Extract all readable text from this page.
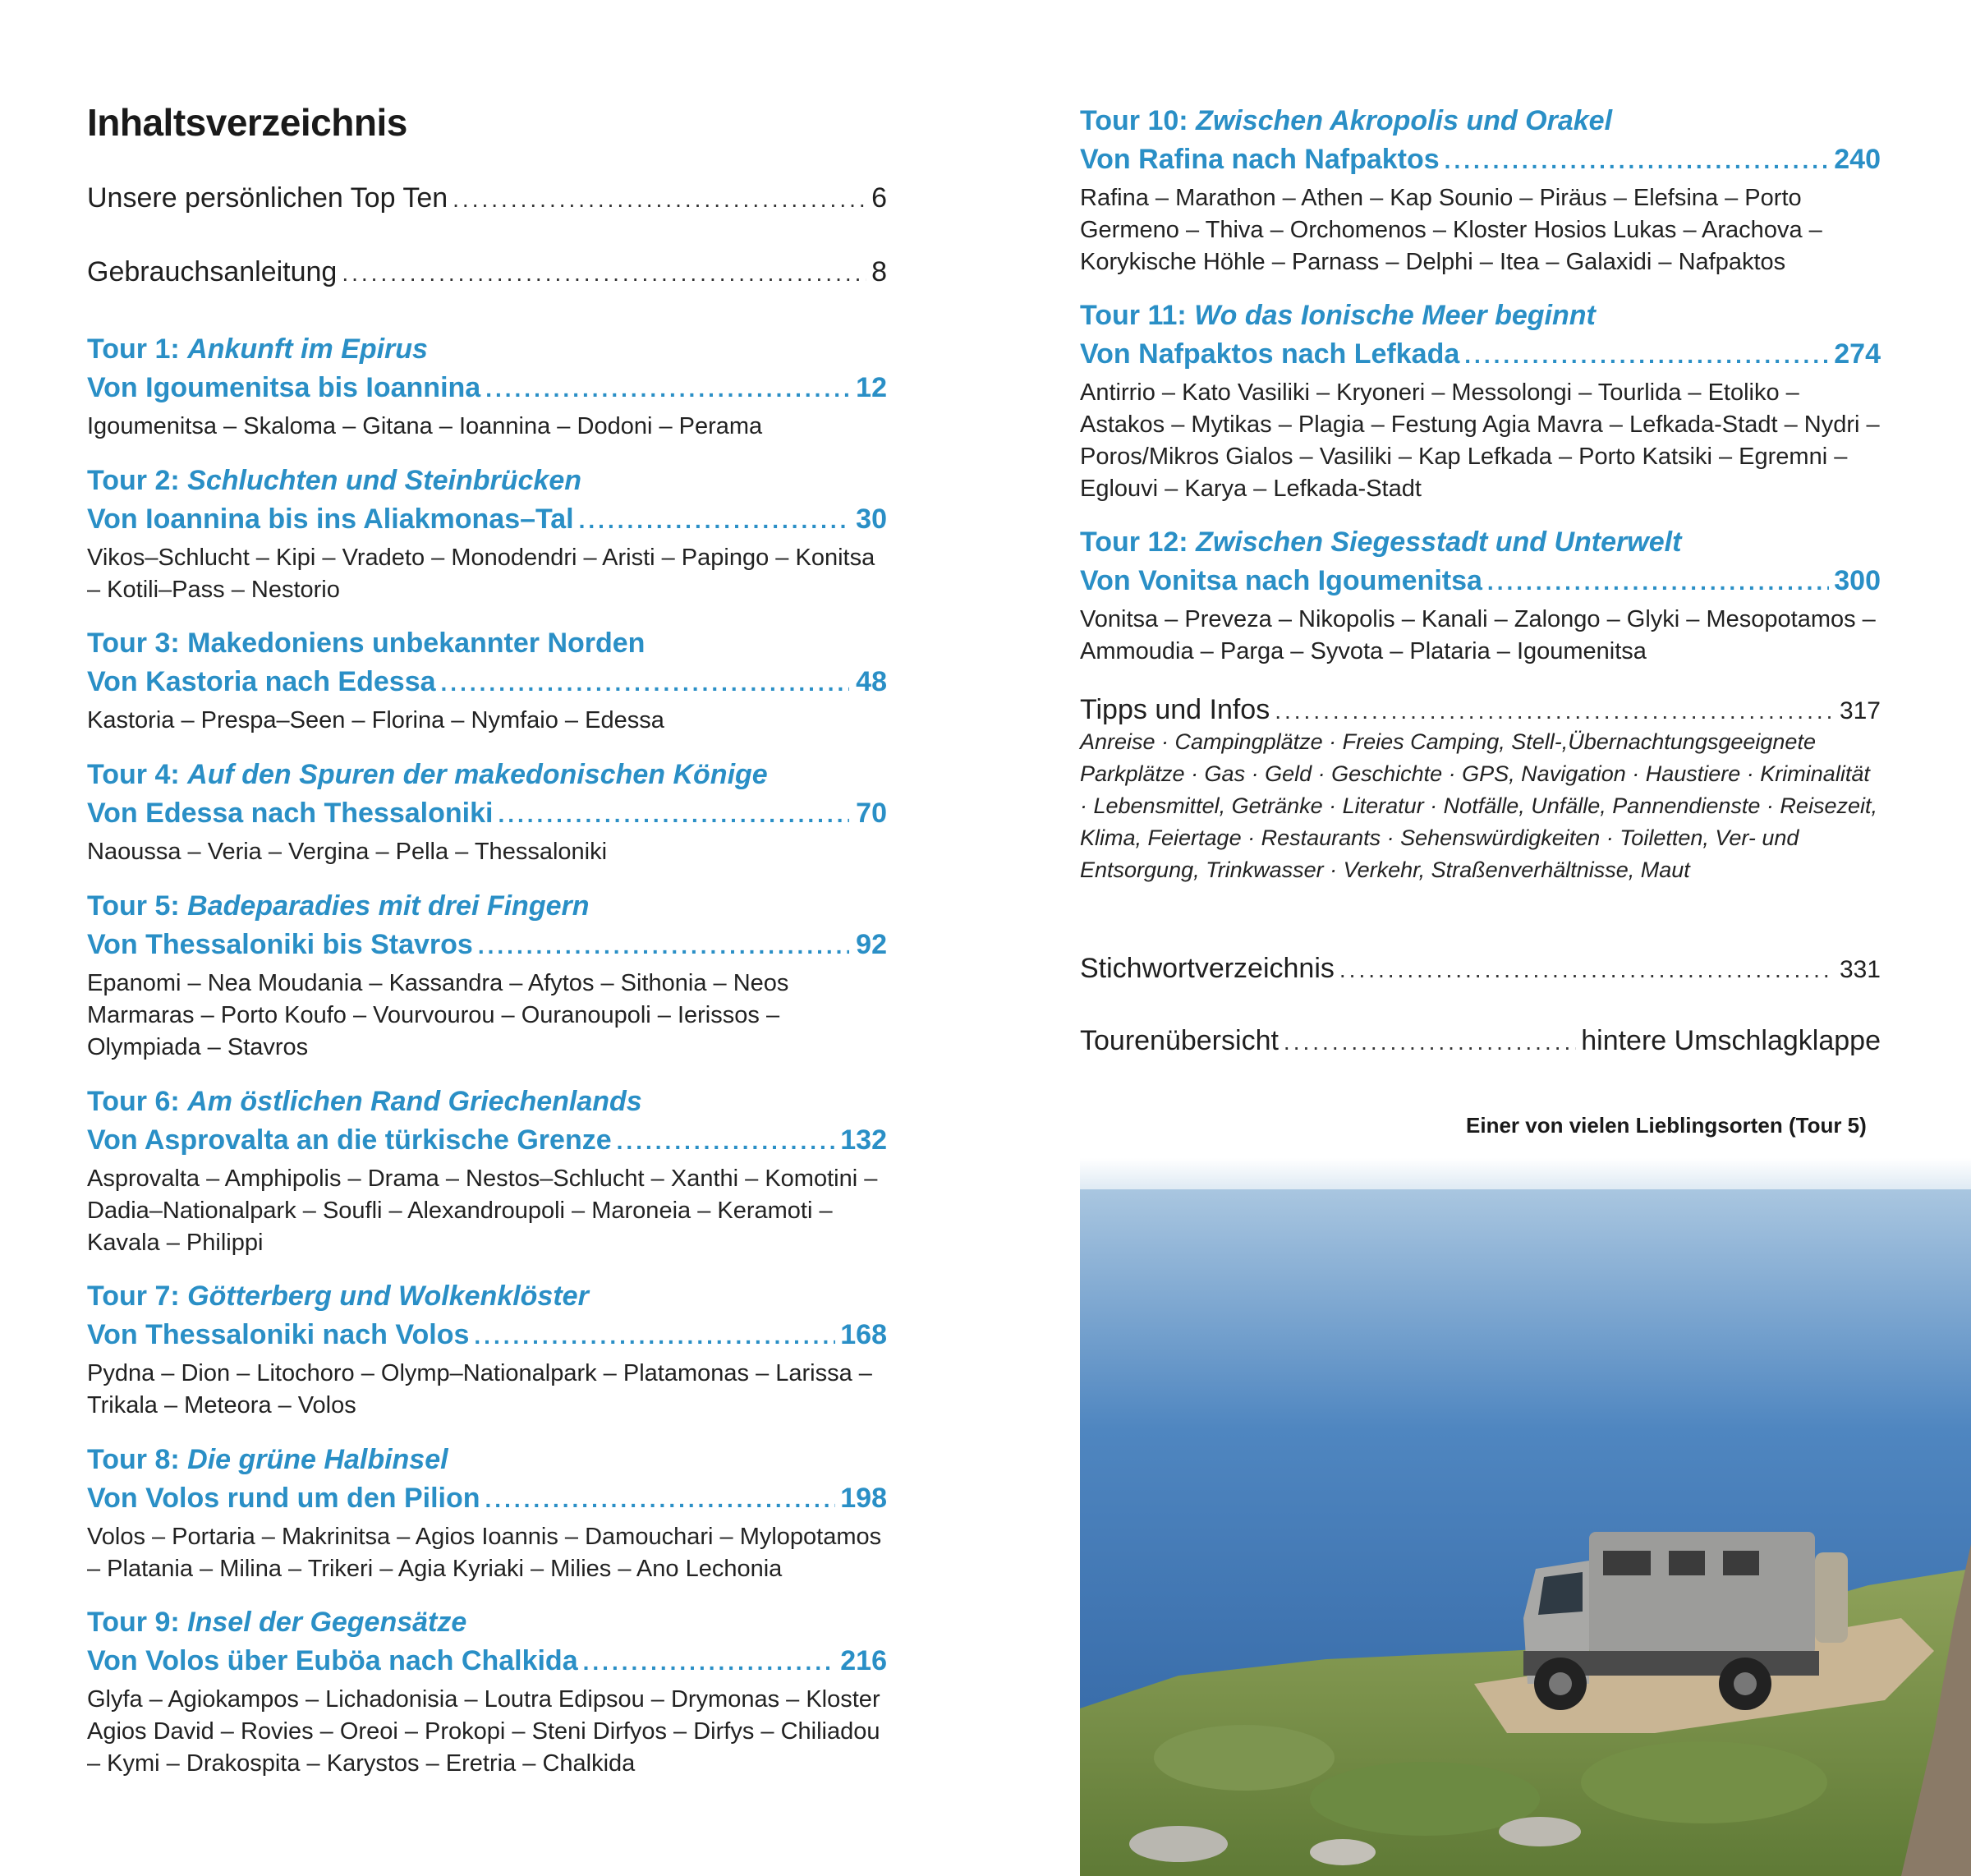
Inhaltsverzeichnis
Unsere persönlichen Top Ten .....	6
Gebrauchsanleitung .....	8
Tour 1: Ankunft im Epirus
Von Igoumenitsa bis Ioannina .....	12
Igoumenitsa – Skaloma – Gitana – Ioannina – Dodoni – Perama
Tour 2: Schluchten und Steinbrücken
Von Ioannina bis ins Aliakmonas–Tal .....	30
Vikos–Schlucht – Kipi – Vradeto – Monodendri – Aristi – Papingo – Konitsa – Kotili–Pass – Nestorio
Tour 3: Makedoniens unbekannter Norden
Von Kastoria nach Edessa .....	48
Kastoria – Prespa–Seen – Florina – Nymfaio – Edessa
Tour 4: Auf den Spuren der makedonischen Könige
Von Edessa nach Thessaloniki .....	70
Naoussa – Veria – Vergina – Pella – Thessaloniki
Tour 5: Badeparadies mit drei Fingern
Von Thessaloniki bis Stavros .....	92
Epanomi – Nea Moudania – Kassandra – Afytos – Sithonia – Neos Marmaras – Porto Koufo – Vourvourou – Ouranoupoli – Ierissos – Olympiada – Stavros
Tour 6: Am östlichen Rand Griechenlands
Von Asprovalta an die türkische Grenze .....	132
Asprovalta – Amphipolis – Drama – Nestos–Schlucht – Xanthi – Komotini – Dadia–Nationalpark – Soufli – Alexandroupoli – Maroneia – Keramoti – Kavala – Philippi
Tour 7: Götterberg und Wolkenklöster
Von Thessaloniki nach Volos .....	168
Pydna – Dion – Litochoro – Olymp–Nationalpark – Platamonas – Larissa – Trikala – Meteora – Volos
Tour 8: Die grüne Halbinsel
Von Volos rund um den Pilion .....	198
Volos – Portaria – Makrinitsa – Agios Ioannis – Damouchari – Mylopotamos – Platania – Milina – Trikeri – Agia Kyriaki – Milies – Ano Lechonia
Tour 9: Insel der Gegensätze
Von Volos über Euböa nach Chalkida .....	216
Glyfa – Agiokampos – Lichadonisia – Loutra Edipsou – Drymonas – Kloster Agios David – Rovies – Oreoi – Prokopi – Steni Dirfyos – Dirfys – Chiliadou – Kymi – Drakospita – Karystos – Eretria – Chalkida
Tour 10: Zwischen Akropolis und Orakel
Von Rafina nach Nafpaktos .....	240
Rafina – Marathon – Athen – Kap Sounio – Piräus – Elefsina – Porto Germeno – Thiva – Orchomenos – Kloster Hosios Lukas – Arachova – Korykische Höhle – Parnass – Delphi – Itea – Galaxidi – Nafpaktos
Tour 11: Wo das Ionische Meer beginnt
Von Nafpaktos nach Lefkada .....	274
Antirrio – Kato Vasiliki – Kryoneri – Messolongi – Tourlida – Etoliko – Astakos – Mytikas – Plagia – Festung Agia Mavra – Lefkada-Stadt – Nydri – Poros/Mikros Gialos – Vasiliki – Kap Lefkada – Porto Katsiki – Egremni – Eglouvi – Karya – Lefkada-Stadt
Tour 12: Zwischen Siegesstadt und Unterwelt
Von Vonitsa nach Igoumenitsa .....	300
Vonitsa – Preveza – Nikopolis – Kanali – Zalongo – Glyki – Mesopotamos – Ammoudia – Parga – Syvota – Plataria – Igoumenitsa
Tipps und Infos .....	317
Anreise · Campingplätze · Freies Camping, Stell-,Übernachtungsgeeignete Parkplätze · Gas · Geld · Geschichte · GPS, Navigation · Haustiere · Kriminalität · Lebensmittel, Getränke · Literatur · Notfälle, Unfälle, Pannendienste · Reisezeit, Klima, Feiertage · Restaurants · Sehenswürdigkeiten · Toiletten, Ver- und Entsorgung, Trinkwasser · Verkehr, Straßenverhältnisse, Maut
Stichwortverzeichnis .....	331
Tourenübersicht .....	hintere Umschlagklappe
Einer von vielen Lieblingsorten (Tour 5)
